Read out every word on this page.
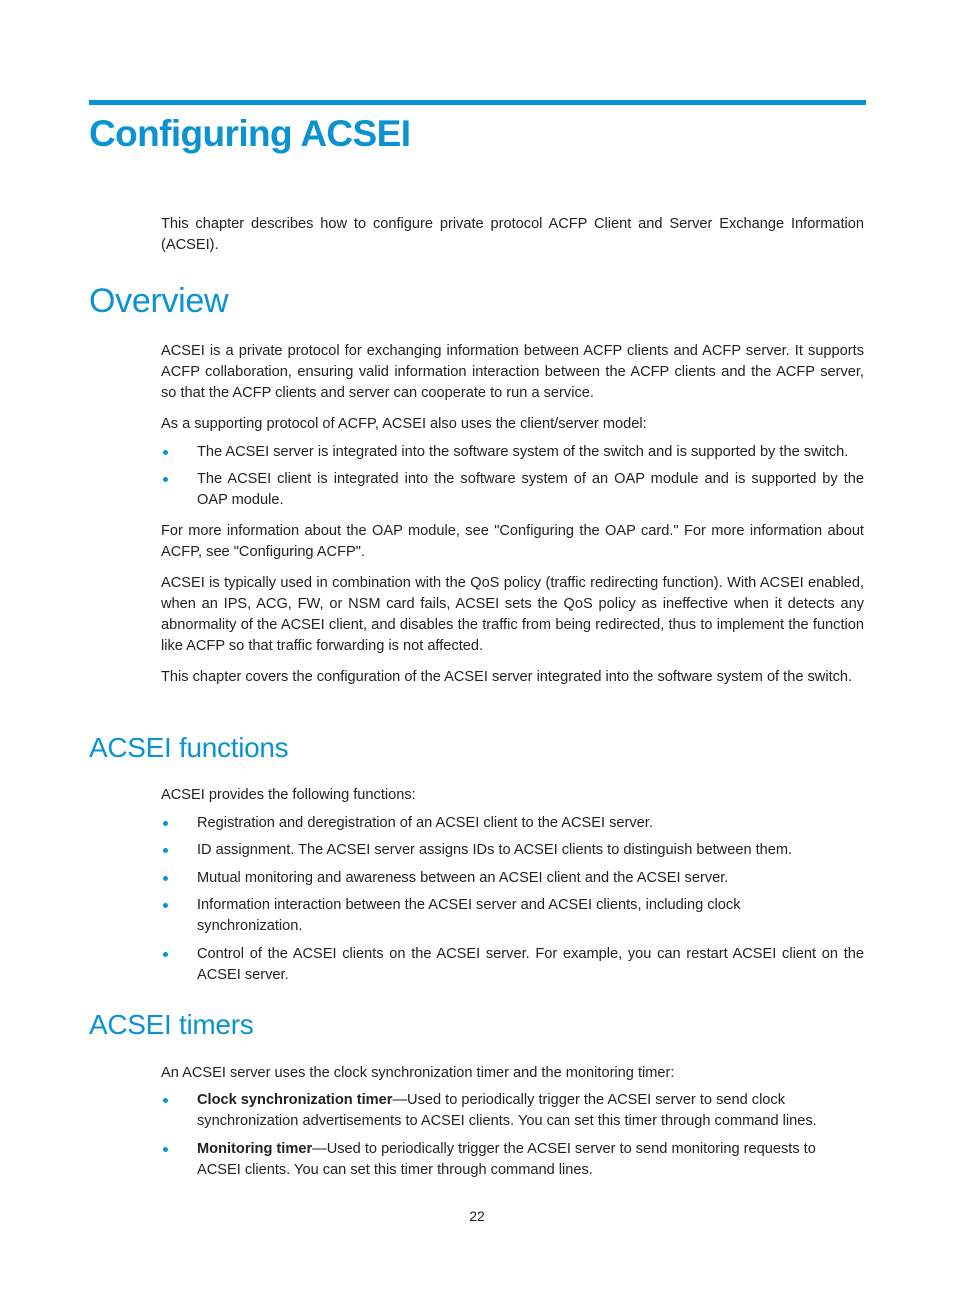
Configuring ACSEI

This chapter describes how to configure private protocol ACFP Client and Server Exchange Information (ACSEI).

Overview

ACSEI is a private protocol for exchanging information between ACFP clients and ACFP server. It supports ACFP collaboration, ensuring valid information interaction between the ACFP clients and the ACFP server, so that the ACFP clients and server can cooperate to run a service.

As a supporting protocol of ACFP, ACSEI also uses the client/server model:

The ACSEI server is integrated into the software system of the switch and is supported by the switch.
The ACSEI client is integrated into the software system of an OAP module and is supported by the OAP module.

For more information about the OAP module, see "Configuring the OAP card." For more information about ACFP, see "Configuring ACFP".

ACSEI is typically used in combination with the QoS policy (traffic redirecting function). With ACSEI enabled, when an IPS, ACG, FW, or NSM card fails, ACSEI sets the QoS policy as ineffective when it detects any abnormality of the ACSEI client, and disables the traffic from being redirected, thus to implement the function like ACFP so that traffic forwarding is not affected.

This chapter covers the configuration of the ACSEI server integrated into the software system of the switch.

ACSEI functions

ACSEI provides the following functions:

Registration and deregistration of an ACSEI client to the ACSEI server.
ID assignment. The ACSEI server assigns IDs to ACSEI clients to distinguish between them.
Mutual monitoring and awareness between an ACSEI client and the ACSEI server.
Information interaction between the ACSEI server and ACSEI clients, including clock synchronization.
Control of the ACSEI clients on the ACSEI server. For example, you can restart ACSEI client on the ACSEI server.
ACSEI timers

An ACSEI server uses the clock synchronization timer and the monitoring timer:

Clock synchronization timer—Used to periodically trigger the ACSEI server to send clock synchronization advertisements to ACSEI clients. You can set this timer through command lines.
Monitoring timer—Used to periodically trigger the ACSEI server to send monitoring requests to ACSEI clients. You can set this timer through command lines.
22
